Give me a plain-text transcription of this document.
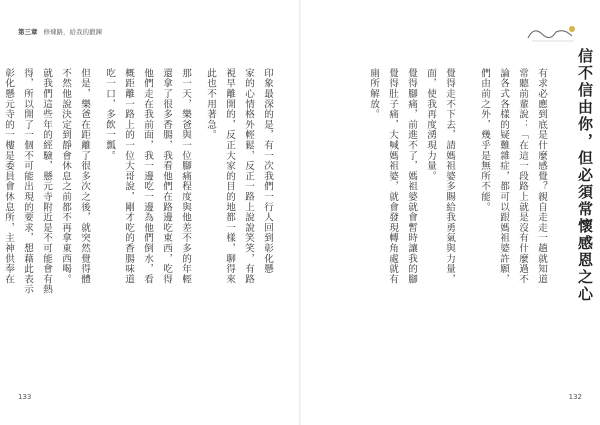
第三章 修煉路，給我的鍛鍊
印象最深的是，有一次我們一行人回到彰化懸
家的心情格外輕鬆，反正一路上說說笑笑，有路
視早離開的，反正大家的目的地都一樣，聊得來
此也不用著急。
那一天，樂爸與一位腳痛程度與他差不多的年輕
還拿了很多香腸，我看他們在路邊吃東西，吃得
他們走在我前面，我一邊吃一邊為他們倒水，看
概距離一路上的一位大哥說，剛才吃的香腸味道
吃一口，多飲一瓢。
但是，樂爸在距離了很多次之後，就突然覺得體
不然他說決定到靜會休息之前都不再拿東西喝。
就我們這些年的經驗，懸元寺附近是不可能會有熱
得，所以開了一個不可能出現的要求，想藉此表示
彰化懸元寺的一樓是委員會休息所，主神供奉在
133
信不信由你，但必須常懷感恩之心
有求必應到底是什麼感覺？親自走走一趟就知道
常聽前輩說：「在這一段路上就是沒有什麼過不
論各式各樣的疑難雜症，都可以跟媽祖婆許願，
們由前之外，幾乎是無所不能。
覺得走不下去，請媽祖婆多賜給我勇氣與力量，
面，使我再度湧現力量。
覺得腳痛，前進不了，媽祖婆就會暫時讓我的腳
覺得肚子痛，大喊媽祖婆，就會發現轉角處就有
廁所解放。
132
